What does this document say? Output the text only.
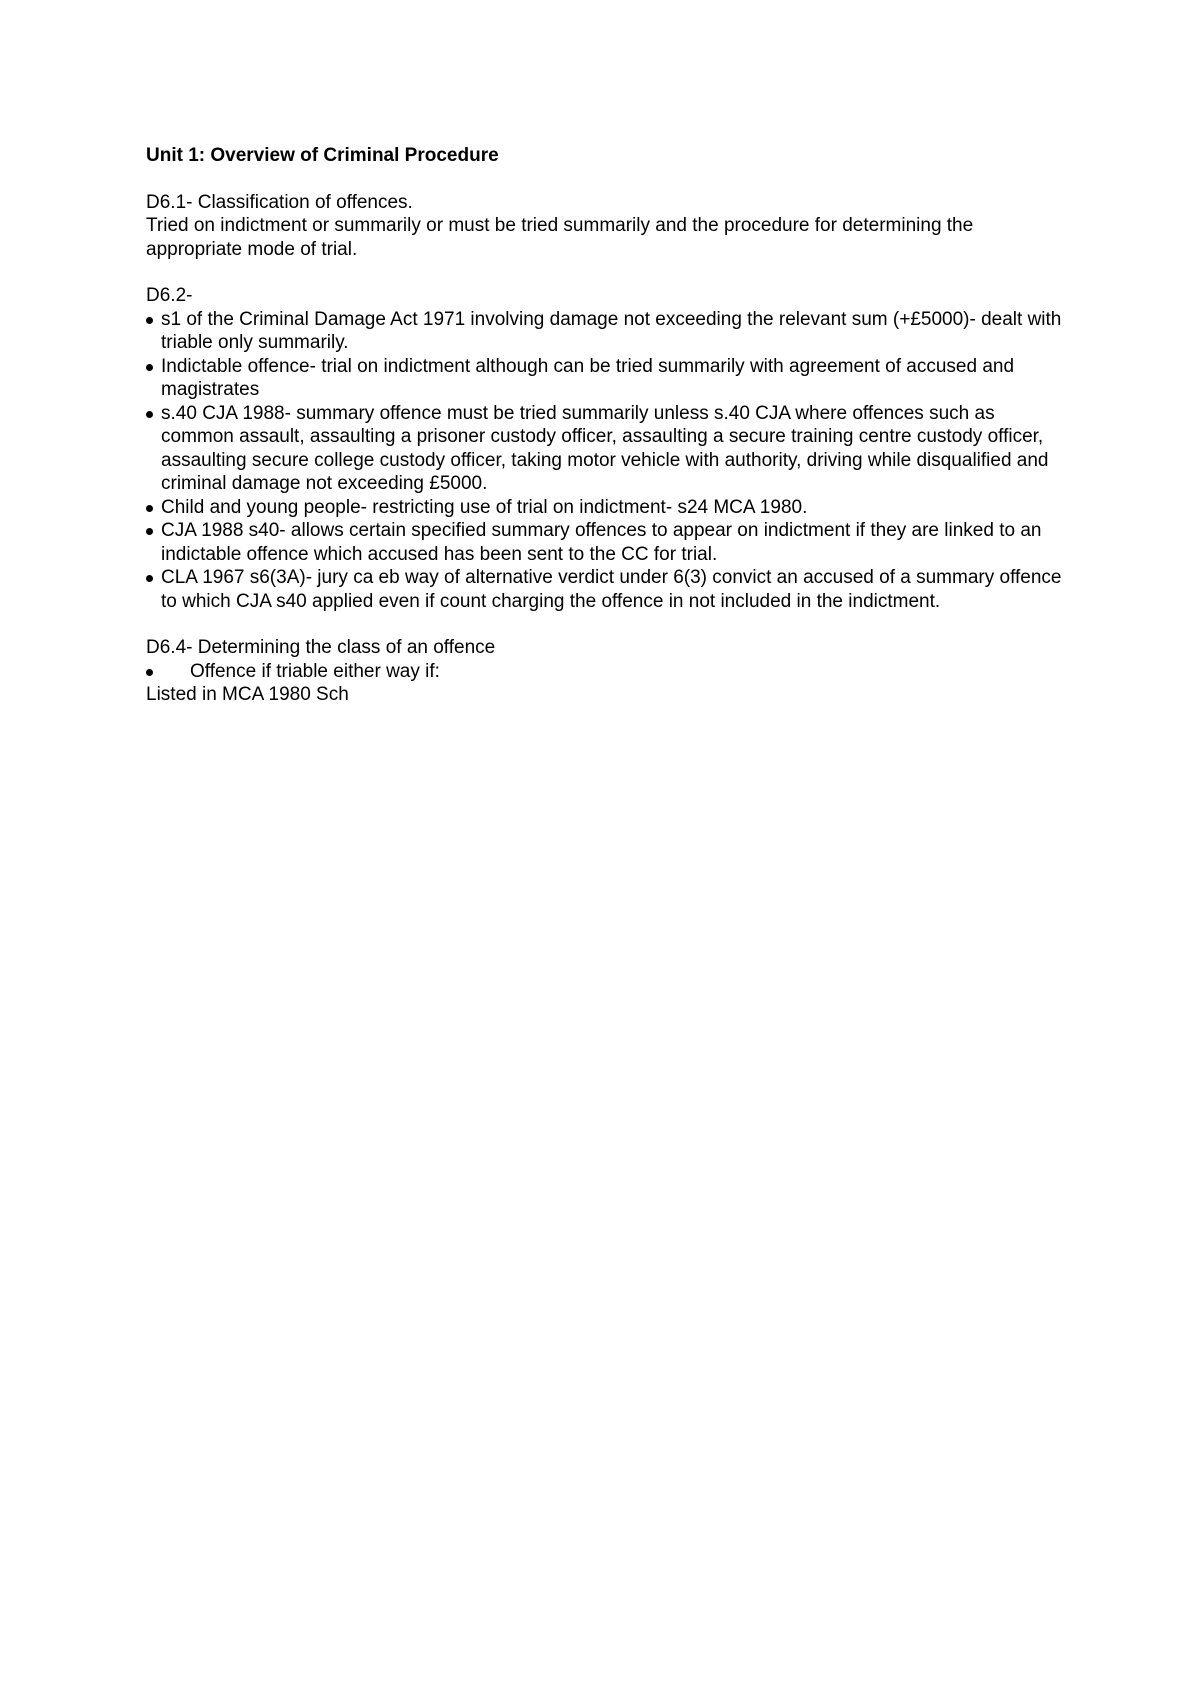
Unit 1: Overview of Criminal Procedure

D6.1- Classification of offences.

Tried on indictment or summarily or must be tried summarily and the procedure for determining the appropriate mode of trial.

D6.2-

s1 of the Criminal Damage Act 1971 involving damage not exceeding the relevant sum (+£5000)- dealt with triable only summarily.
Indictable offence- trial on indictment although can be tried summarily with agreement of accused and magistrates
s.40 CJA 1988- summary offence must be tried summarily unless s.40 CJA where offences such as common assault, assaulting a prisoner custody officer, assaulting a secure training centre custody officer, assaulting secure college custody officer, taking motor vehicle with authority, driving while disqualified and criminal damage not exceeding £5000.
Child and young people- restricting use of trial on indictment- s24 MCA 1980.
CJA 1988 s40- allows certain specified summary offences to appear on indictment if they are linked to an indictable offence which accused has been sent to the CC for trial.
CLA 1967 s6(3A)- jury ca eb way of alternative verdict under 6(3) convict an accused of a summary offence to which CJA s40 applied even if count charging the offence in not included in the indictment.

D6.4- Determining the class of an offence

Offence if triable either way if:

Listed in MCA 1980 Sch
